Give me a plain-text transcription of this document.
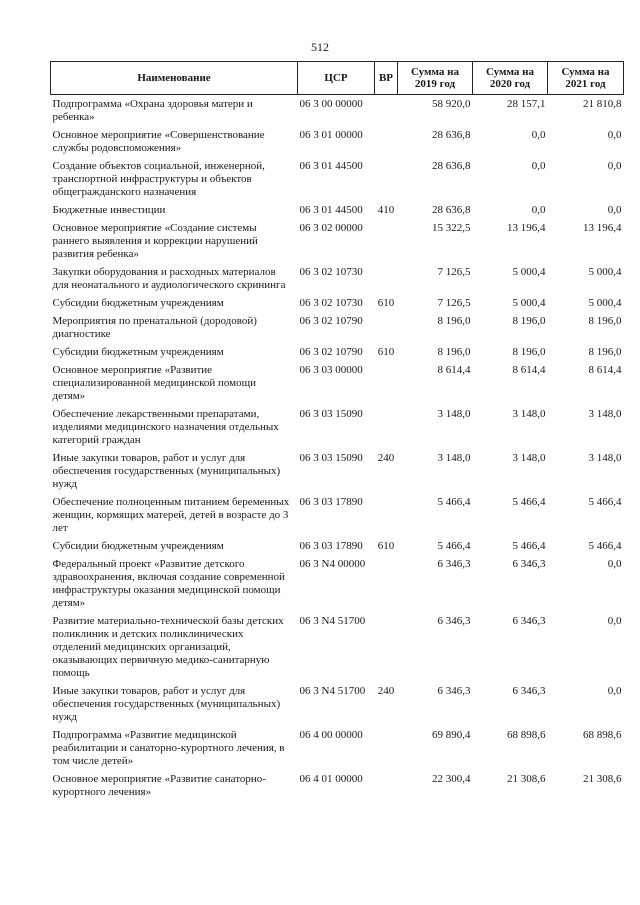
512
Наименование	ЦСР	ВР	Сумма на 2019 год	Сумма на 2020 год	Сумма на 2021 год
Подпрограмма «Охрана здоровья матери и ребенка»	06 3 00 00000		58 920,0	28 157,1	21 810,8
Основное мероприятие «Совершенствование службы родовспоможения»	06 3 01 00000		28 636,8	0,0	0,0
Создание объектов социальной, инженерной, транспортной инфраструктуры и объектов общегражданского назначения	06 3 01 44500		28 636,8	0,0	0,0
Бюджетные инвестиции	06 3 01 44500	410	28 636,8	0,0	0,0
Основное мероприятие «Создание системы раннего выявления и коррекции нарушений развития ребенка»	06 3 02 00000		15 322,5	13 196,4	13 196,4
Закупки оборудования и расходных материалов для неонатального и аудиологического скрининга	06 3 02 10730		7 126,5	5 000,4	5 000,4
Субсидии бюджетным учреждениям	06 3 02 10730	610	7 126,5	5 000,4	5 000,4
Мероприятия по пренатальной (дородовой) диагностике	06 3 02 10790		8 196,0	8 196,0	8 196,0
Субсидии бюджетным учреждениям	06 3 02 10790	610	8 196,0	8 196,0	8 196,0
Основное мероприятие «Развитие специализированной медицинской помощи детям»	06 3 03 00000		8 614,4	8 614,4	8 614,4
Обеспечение лекарственными препаратами, изделиями медицинского назначения отдельных категорий граждан	06 3 03 15090		3 148,0	3 148,0	3 148,0
Иные закупки товаров, работ и услуг для обеспечения государственных (муниципальных) нужд	06 3 03 15090	240	3 148,0	3 148,0	3 148,0
Обеспечение полноценным питанием беременных женщин, кормящих матерей, детей в возрасте до 3 лет	06 3 03 17890		5 466,4	5 466,4	5 466,4
Субсидии бюджетным учреждениям	06 3 03 17890	610	5 466,4	5 466,4	5 466,4
Федеральный проект «Развитие детского здравоохранения, включая создание современной инфраструктуры оказания медицинской помощи детям»	06 3 N4 00000		6 346,3	6 346,3	0,0
Развитие материально-технической базы детских поликлиник и детских поликлинических отделений медицинских организаций, оказывающих первичную медико-санитарную помощь	06 3 N4 51700		6 346,3	6 346,3	0,0
Иные закупки товаров, работ и услуг для обеспечения государственных (муниципальных) нужд	06 3 N4 51700	240	6 346,3	6 346,3	0,0
Подпрограмма «Развитие медицинской реабилитации и санаторно-курортного лечения, в том числе детей»	06 4 00 00000		69 890,4	68 898,6	68 898,6
Основное мероприятие «Развитие санаторно-курортного лечения»	06 4 01 00000		22 300,4	21 308,6	21 308,6
